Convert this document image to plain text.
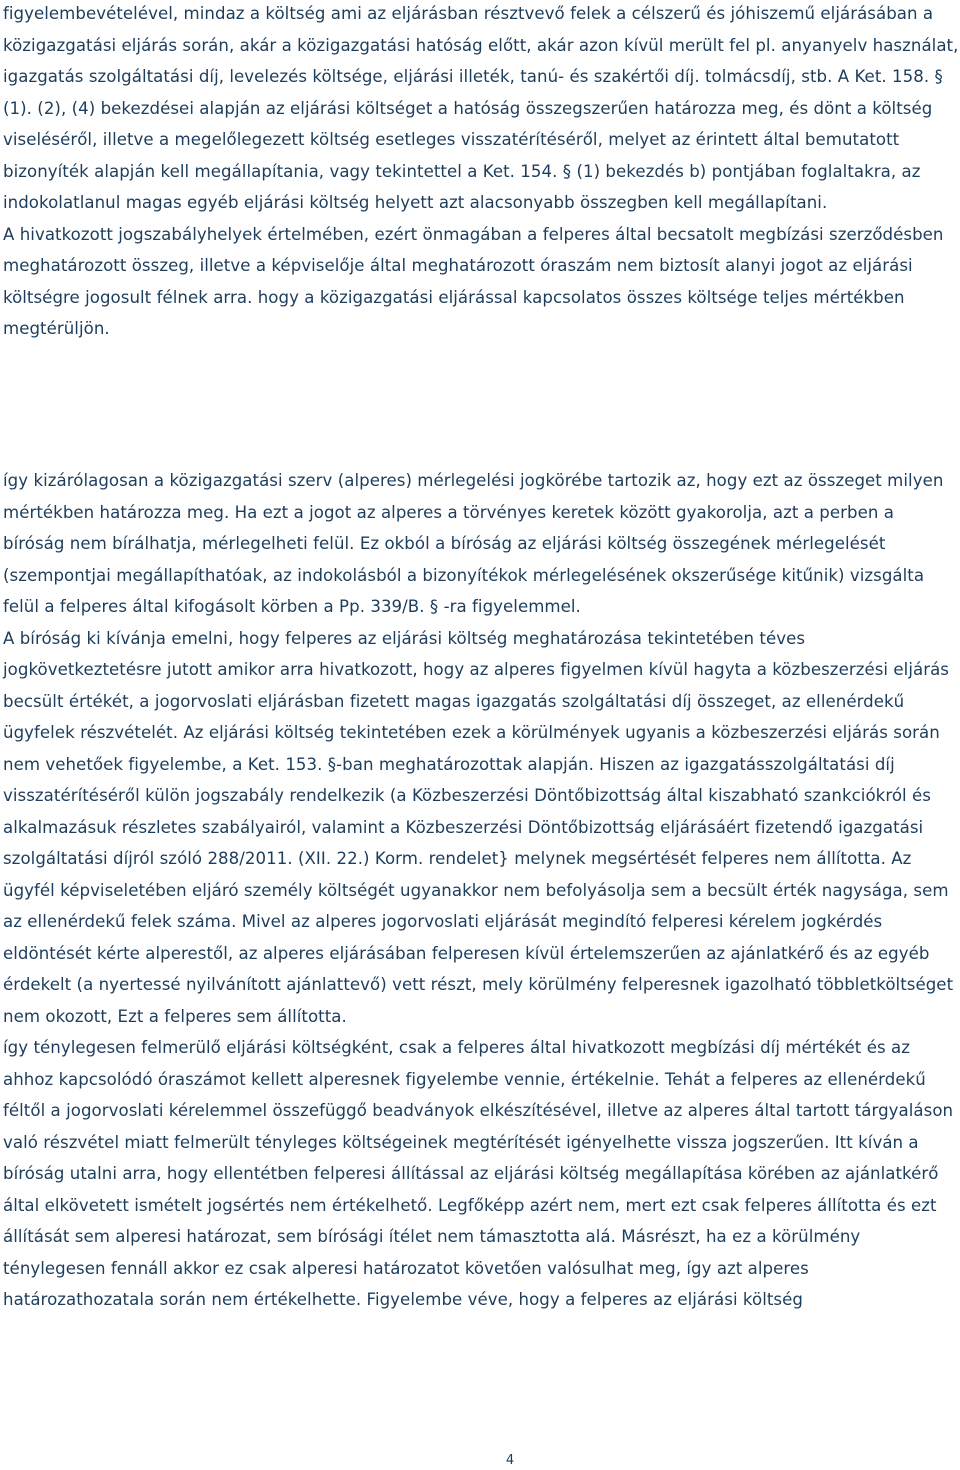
figyelembevételével, mindaz a költség ami az eljárásban résztvevő felek a célszerű és jóhiszemű eljárásában a közigazgatási eljárás során, akár a közigazgatási hatóság előtt, akár azon kívül merült fel pl. anyanyelv használat, igazgatás szolgáltatási díj, levelezés költsége, eljárási illeték, tanú- és szakértői díj. tolmácsdíj, stb. A Ket. 158. § (1). (2), (4) bekezdései alapján az eljárási költséget a hatóság összegszerűen határozza meg, és dönt a költség viseléséről, illetve a megelőlegezett költség esetleges visszatérítéséről, melyet az érintett által bemutatott bizonyíték alapján kell megállapítania, vagy tekintettel a Ket. 154. § (1) bekezdés b) pontjában foglaltakra, az indokolatlanul magas egyéb eljárási költség helyett azt alacsonyabb összegben kell megállapítani.

A hivatkozott jogszabályhelyek értelmében, ezért önmagában a felperes által becsatolt megbízási szerződésben meghatározott összeg, illetve a képviselője által meghatározott óraszám nem biztosít alanyi jogot az eljárási költségre jogosult félnek arra. hogy a közigazgatási eljárással kapcsolatos összes költsége teljes mértékben megtérüljön.

így kizárólagosan a közigazgatási szerv (alperes) mérlegelési jogkörébe tartozik az, hogy ezt az összeget milyen mértékben határozza meg. Ha ezt a jogot az alperes a törvényes keretek között gyakorolja, azt a perben a bíróság nem bírálhatja, mérlegelheti felül. Ez okból a bíróság az eljárási költség összegének mérlegelését (szempontjai megállapíthatóak, az indokolásból a bizonyítékok mérlegelésének okszerűsége kitűnik) vizsgálta felül a felperes által kifogásolt körben a Pp. 339/B. § -ra figyelemmel.

A bíróság ki kívánja emelni, hogy felperes az eljárási költség meghatározása tekintetében téves jogkövetkeztetésre jutott amikor arra hivatkozott, hogy az alperes figyelmen kívül hagyta a közbeszerzési eljárás becsült értékét, a jogorvoslati eljárásban fizetett magas igazgatás szolgáltatási díj összeget, az ellenérdekű ügyfelek részvételét. Az eljárási költség tekintetében ezek a körülmények ugyanis a közbeszerzési eljárás során nem vehetőek figyelembe, a Ket. 153. §-ban meghatározottak alapján. Hiszen az igazgatásszolgáltatási díj visszatérítéséről külön jogszabály rendelkezik (a Közbeszerzési Döntőbizottság által kiszabható szankciókról és alkalmazásuk részletes szabályairól, valamint a Közbeszerzési Döntőbizottság eljárásáért fizetendő igazgatási szolgáltatási díjról szóló 288/2011. (XII. 22.) Korm. rendelet} melynek megsértését felperes nem állította. Az ügyfél képviseletében eljáró személy költségét ugyanakkor nem befolyásolja sem a becsült érték nagysága, sem az ellenérdekű felek száma. Mivel az alperes jogorvoslati eljárását megindító felperesi kérelem jogkérdés eldöntését kérte alperestől, az alperes eljárásában felperesen kívül értelemszerűen az ajánlatkérő és az egyéb érdekelt (a nyertessé nyilvánított ajánlattevő) vett részt, mely körülmény felperesnek igazolható többletköltséget nem okozott, Ezt a felperes sem állította.

így ténylegesen felmerülő eljárási költségként, csak a felperes által hivatkozott megbízási díj mértékét és az ahhoz kapcsolódó óraszámot kellett alperesnek figyelembe vennie, értékelnie. Tehát a felperes az ellenérdekű féltől a jogorvoslati kérelemmel összefüggő beadványok elkészítésével, illetve az alperes által tartott tárgyaláson való részvétel miatt felmerült tényleges költségeinek megtérítését igényelhette vissza jogszerűen. Itt kíván a bíróság utalni arra, hogy ellentétben felperesi állítással az eljárási költség megállapítása körében az ajánlatkérő által elkövetett ismételt jogsértés nem értékelhető. Legfőképp azért nem, mert ezt csak felperes állította és ezt állítását sem alperesi határozat, sem bírósági ítélet nem támasztotta alá. Másrészt, ha ez a körülmény ténylegesen fennáll akkor ez csak alperesi határozatot követően valósulhat meg, így azt alperes határozathozatala során nem értékelhette. Figyelembe véve, hogy a felperes az eljárási költség

4
